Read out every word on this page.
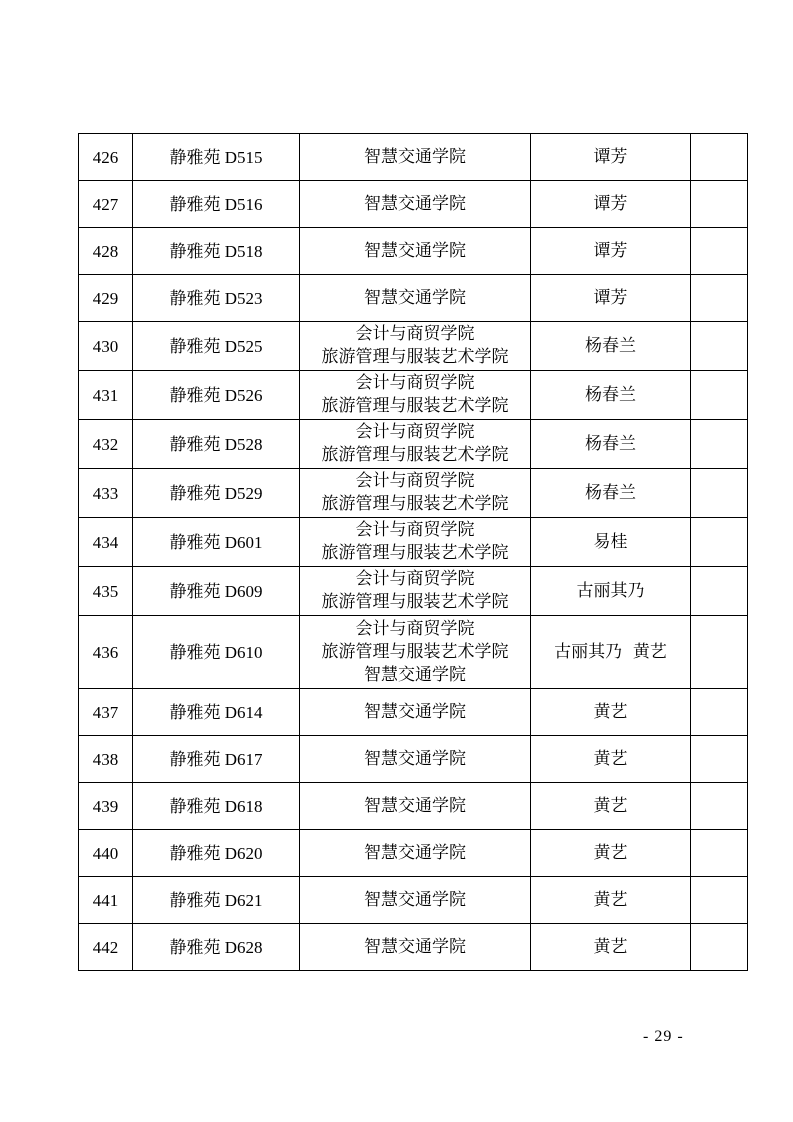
426	静雅苑 D515	智慧交通学院	谭芳	
427	静雅苑 D516	智慧交通学院	谭芳	
428	静雅苑 D518	智慧交通学院	谭芳	
429	静雅苑 D523	智慧交通学院	谭芳	
430	静雅苑 D525	会计与商贸学院
旅游管理与服装艺术学院	杨春兰	
431	静雅苑 D526	会计与商贸学院
旅游管理与服装艺术学院	杨春兰	
432	静雅苑 D528	会计与商贸学院
旅游管理与服装艺术学院	杨春兰	
433	静雅苑 D529	会计与商贸学院
旅游管理与服装艺术学院	杨春兰	
434	静雅苑 D601	会计与商贸学院
旅游管理与服装艺术学院	易桂	
435	静雅苑 D609	会计与商贸学院
旅游管理与服装艺术学院	古丽其乃	
436	静雅苑 D610	会计与商贸学院
旅游管理与服装艺术学院
智慧交通学院	古丽其乃  黄艺	
437	静雅苑 D614	智慧交通学院	黄艺	
438	静雅苑 D617	智慧交通学院	黄艺	
439	静雅苑 D618	智慧交通学院	黄艺	
440	静雅苑 D620	智慧交通学院	黄艺	
441	静雅苑 D621	智慧交通学院	黄艺	
442	静雅苑 D628	智慧交通学院	黄艺	
- 29 -
